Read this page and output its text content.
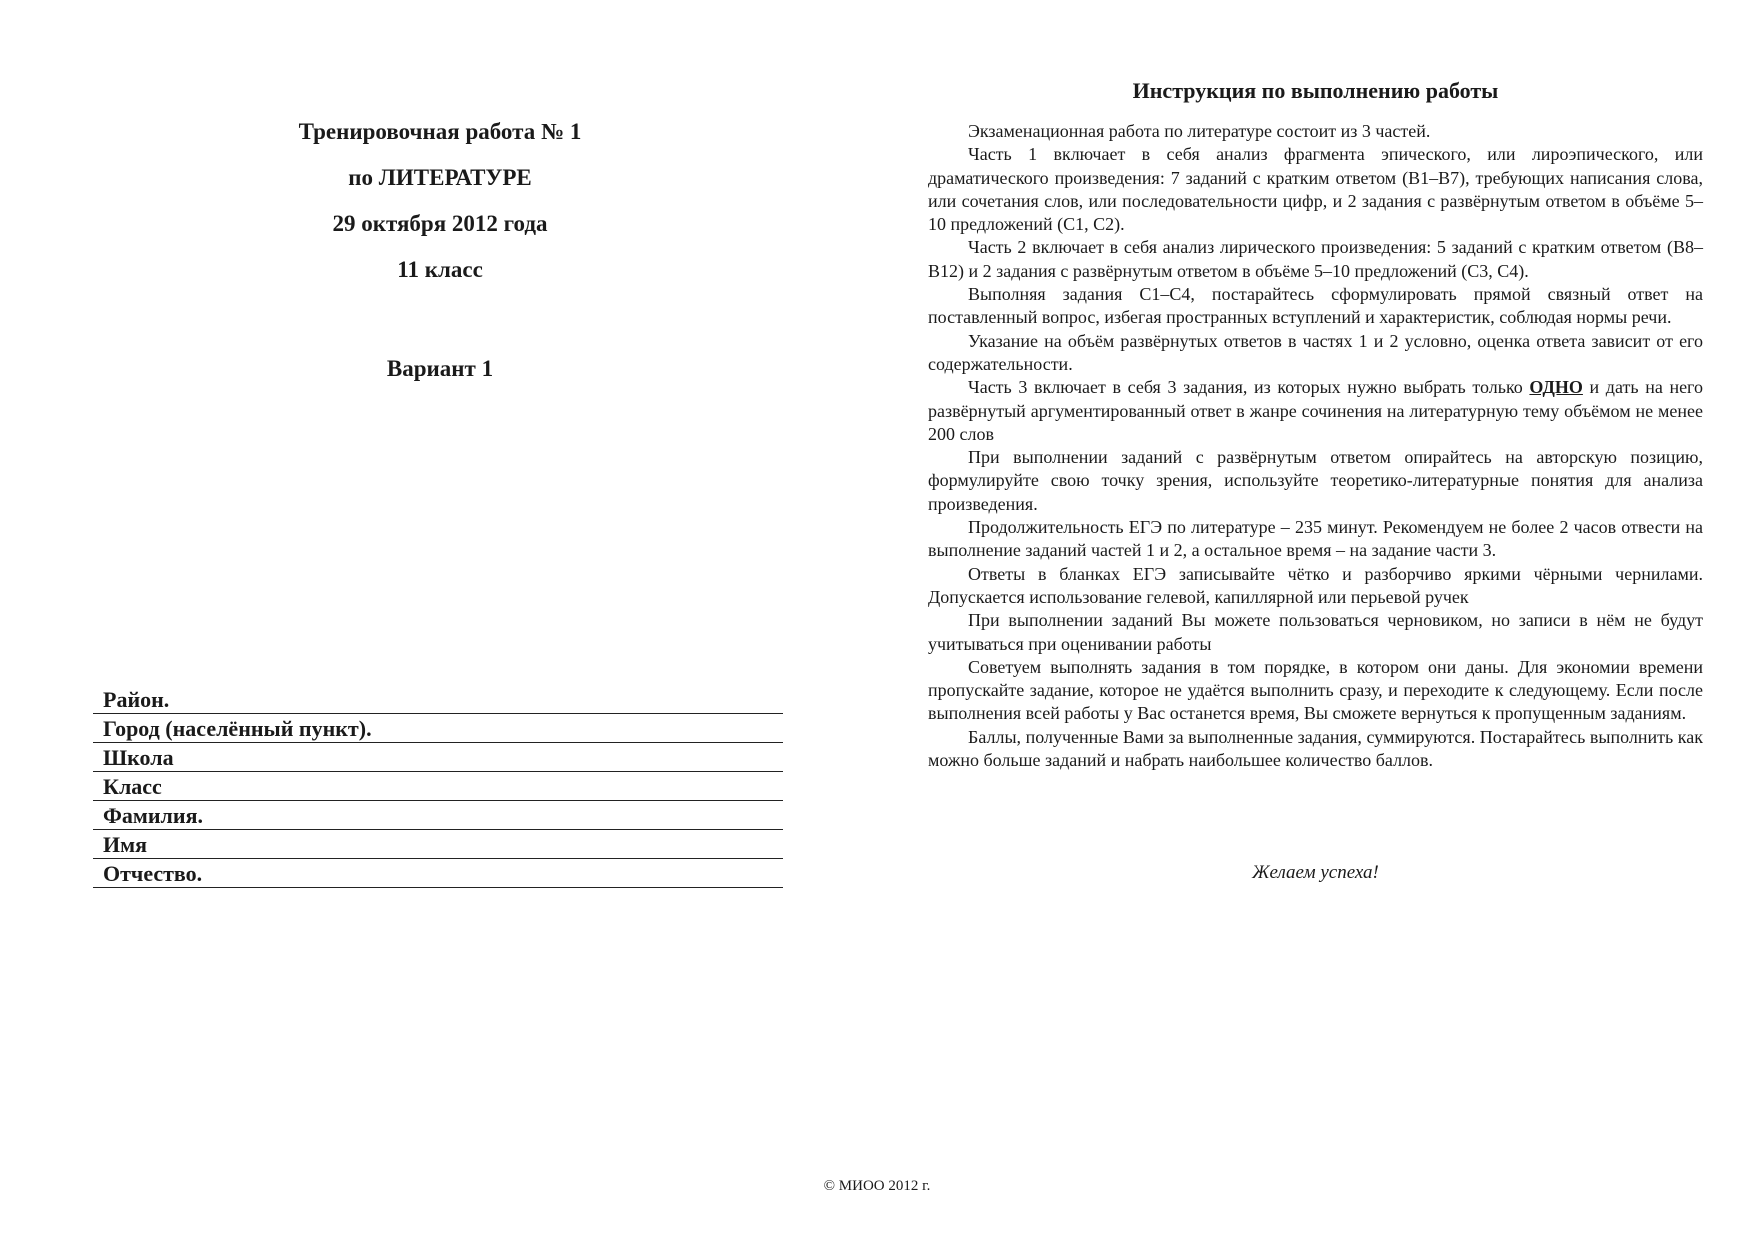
Тренировочная работа № 1
по ЛИТЕРАТУРЕ
29 октября 2012 года
11 класс
Вариант 1
Район.
Город (населённый пункт).
Школа
Класс
Фамилия.
Имя
Отчество.
Инструкция по выполнению работы

Экзаменационная работа по литературе состоит из 3 частей.

Часть 1 включает в себя анализ фрагмента эпического, или лироэпического, или драматического произведения: 7 заданий с кратким ответом (В1–В7), требующих написания слова, или сочетания слов, или последовательности цифр, и 2 задания с развёрнутым ответом в объёме 5–10 предложений (С1, С2).

Часть 2 включает в себя анализ лирического произведения: 5 заданий с кратким ответом (В8–В12) и 2 задания с развёрнутым ответом в объёме 5–10 предложений (С3, С4).

Выполняя задания С1–С4, постарайтесь сформулировать прямой связный ответ на поставленный вопрос, избегая пространных вступлений и характеристик, соблюдая нормы речи.

Указание на объём развёрнутых ответов в частях 1 и 2 условно, оценка ответа зависит от его содержательности.

Часть 3 включает в себя 3 задания, из которых нужно выбрать только ОДНО и дать на него развёрнутый аргументированный ответ в жанре сочинения на литературную тему объёмом не менее 200 слов

При выполнении заданий с развёрнутым ответом опирайтесь на авторскую позицию, формулируйте свою точку зрения, используйте теоретико-литературные понятия для анализа произведения.

Продолжительность ЕГЭ по литературе – 235 минут. Рекомендуем не более 2 часов отвести на выполнение заданий частей 1 и 2, а остальное время – на задание части 3.

Ответы в бланках ЕГЭ записывайте чётко и разборчиво яркими чёрными чернилами. Допускается использование гелевой, капиллярной или перьевой ручек

При выполнении заданий Вы можете пользоваться черновиком, но записи в нём не будут учитываться при оценивании работы

Советуем выполнять задания в том порядке, в котором они даны. Для экономии времени пропускайте задание, которое не удаётся выполнить сразу, и переходите к следующему. Если после выполнения всей работы у Вас останется время, Вы сможете вернуться к пропущенным заданиям.

Баллы, полученные Вами за выполненные задания, суммируются. Постарайтесь выполнить как можно больше заданий и набрать наибольшее количество баллов.

Желаем успеха!
© МИОО 2012 г.
